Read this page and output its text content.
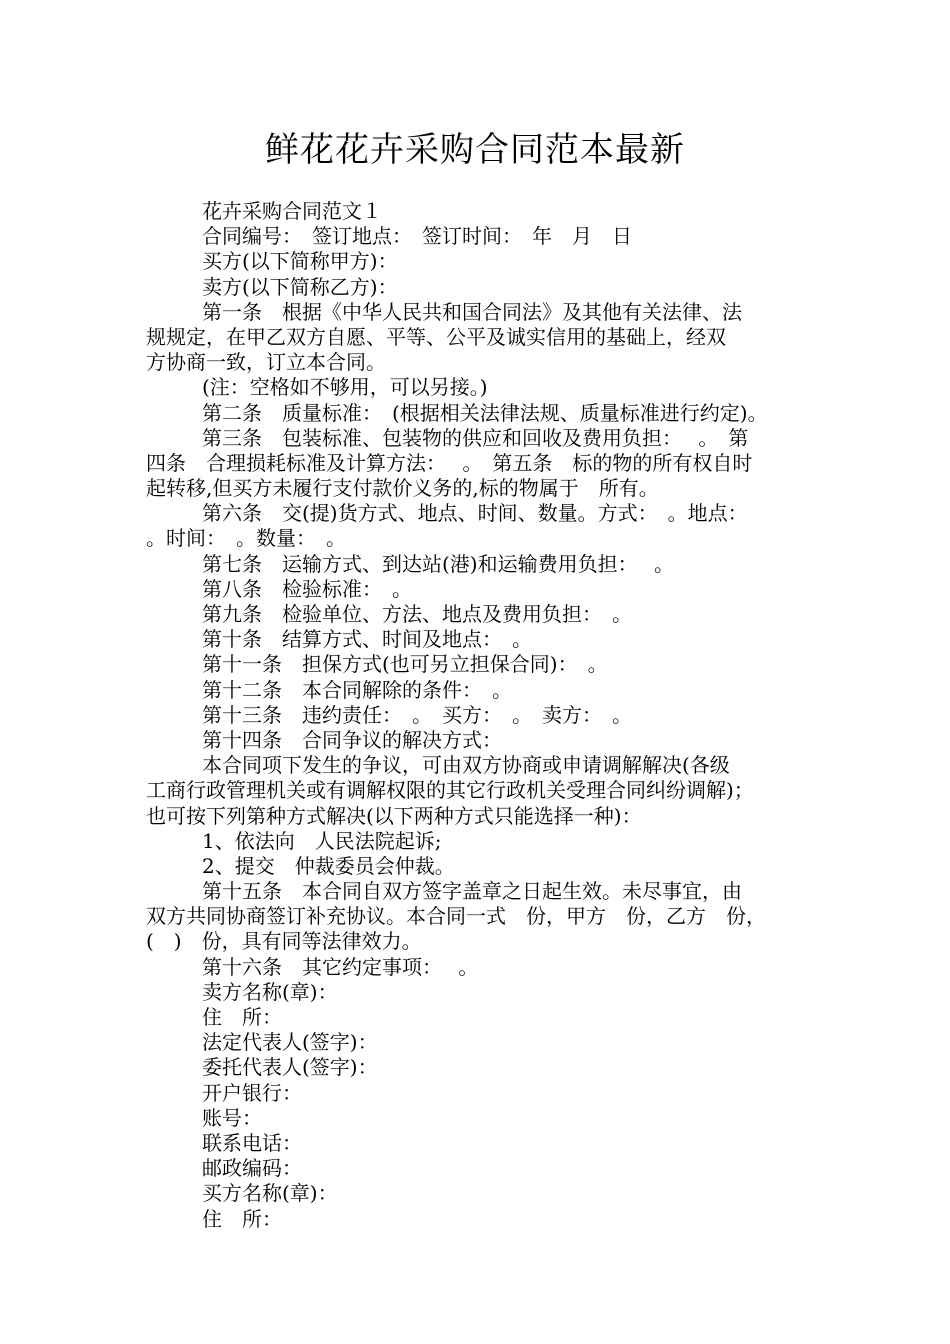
鲜花花卉采购合同范本最新
花卉采购合同范文１
合同编号：　签订地点：　签订时间：　年　月　日
买方(以下简称甲方)：
卖方(以下简称乙方)：
第一条　根据《中华人民共和国合同法》及其他有关法律、法
规规定，在甲乙双方自愿、平等、公平及诚实信用的基础上，经双
方协商一致，订立本合同。
(注：空格如不够用，可以另接。)
第二条　质量标准：　(根据相关法律法规、质量标准进行约定)。
第三条　包装标准、包装物的供应和回收及费用负担：　 。　第
四条　合理损耗标准及计算方法：　 。　第五条　标的物的所有权自时
起转移,但买方未履行支付款价义务的,标的物属于　所有。
第六条　交(提)货方式、地点、时间、数量。方式：　。地点：
。时间：　。数量：　。
第七条　运输方式、到达站(港)和运输费用负担：　 。
第八条　检验标准：　。
第九条　检验单位、方法、地点及费用负担：　。
第十条　结算方式、时间及地点：　。
第十一条　担保方式(也可另立担保合同)：　。
第十二条　本合同解除的条件：　。
第十三条　违约责任：　。　买方：　。　卖方：　。
第十四条　合同争议的解决方式：
本合同项下发生的争议，可由双方协商或申请调解解决(各级
工商行政管理机关或有调解权限的其它行政机关受理合同纠纷调解)；
也可按下列第种方式解决(以下两种方式只能选择一种)：
1、依法向　人民法院起诉;
2、提交　仲裁委员会仲裁。
第十五条　本合同自双方签字盖章之日起生效。未尽事宜，由
双方共同协商签订补充协议。本合同一式　份，甲方　份，乙方　份，
(　)　份，具有同等法律效力。
第十六条　其它约定事项：　 。
卖方名称(章)：
住　所：
法定代表人(签字)：
委托代表人(签字)：
开户银行：
账号：
联系电话：
邮政编码：
买方名称(章)：
住　所：
